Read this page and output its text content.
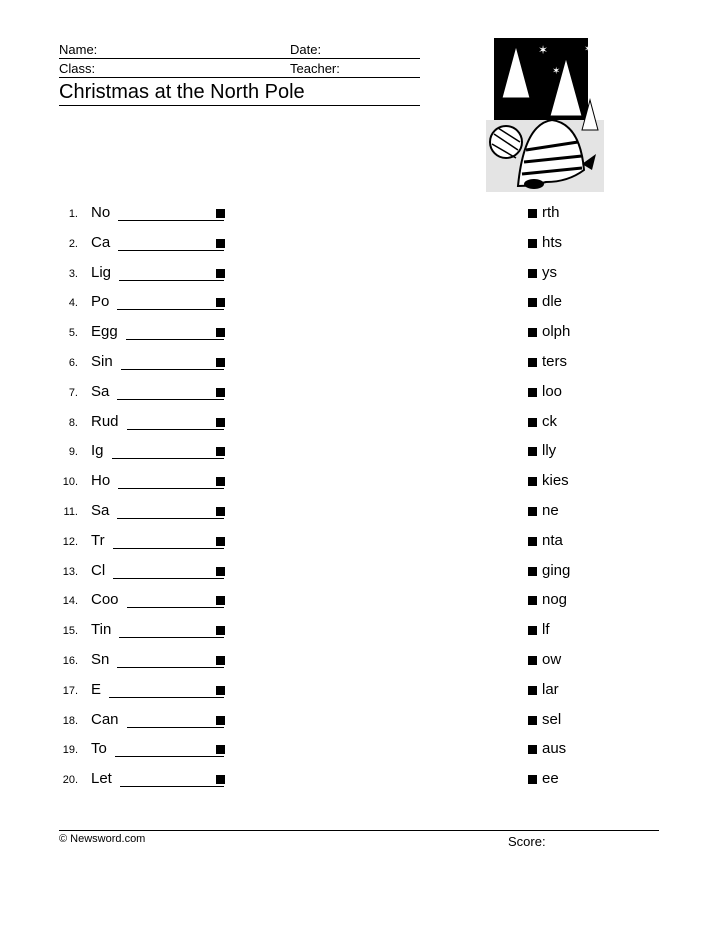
Name:	Date:
Class:	Teacher:
Christmas at the North Pole
✶
✶
✶
1. No	rth
2. Ca	hts
3. Lig	ys
4. Po	dle
5. Egg	olph
6. Sin	ters
7. Sa	loo
8. Rud	ck
9. Ig	lly
10. Ho	kies
11. Sa	ne
12. Tr	nta
13. Cl	ging
14. Coo	nog
15. Tin	lf
16. Sn	ow
17. E	lar
18. Can	sel
19. To	aus
20. Let	ee
© Newsword.com	Score:
